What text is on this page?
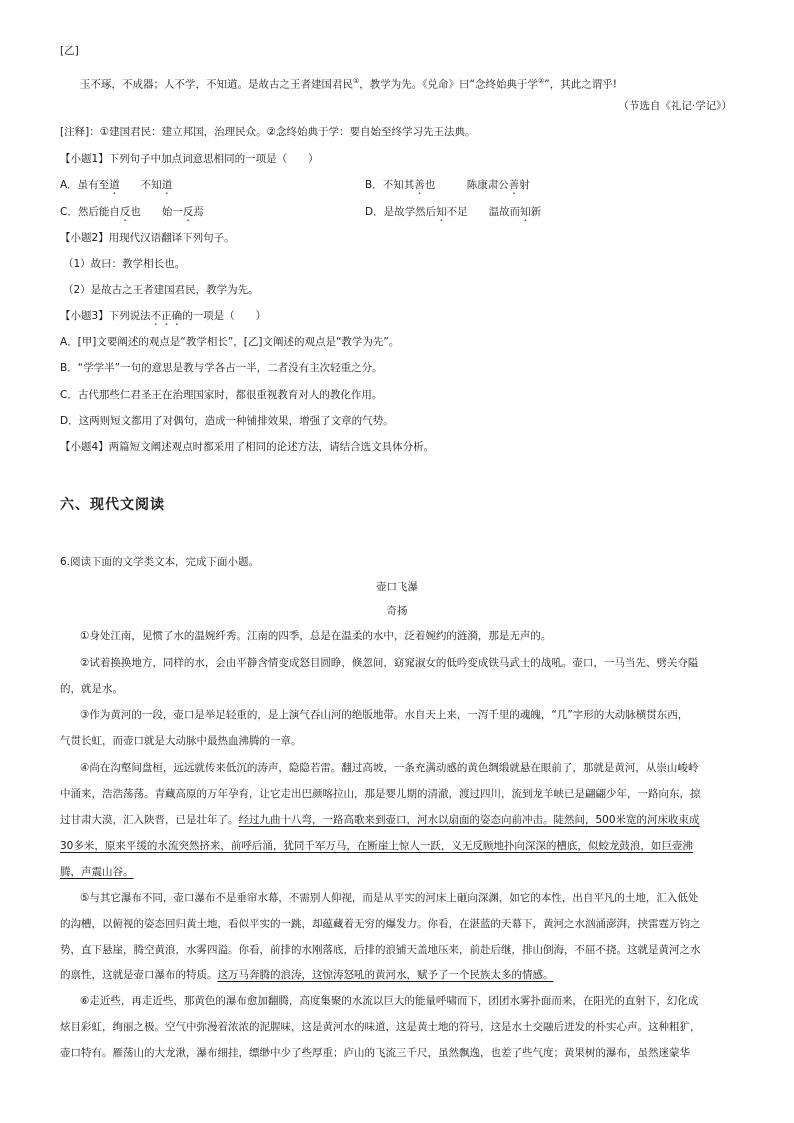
[乙]
玉不琢，不成器；人不学，不知道。是故古之王者建国君民①，教学为先。《兑命》曰“念终始典于学②”，其此之谓乎!
（节选自《礼记·学记》）
[注释]：①建国君民：建立邦国，治理民众。②念终始典于学：要自始至终学习先王法典。
【小题1】下列句子中加点词意思相同的一项是（　　）
A．虽有至道　　不知道	B．不知其善也　　　陈康肃公善射
C．然后能自反也　　始一反焉	D．是故学然后知不足　　温故而知新
【小题2】用现代汉语翻译下列句子。
（1）故曰：教学相长也。
（2）是故古之王者建国君民，教学为先。
【小题3】下列说法不正确的一项是（　　）
A．[甲]文要阐述的观点是“教学相长”，[乙]文阐述的观点是“教学为先”。
B．“学学半”一句的意思是教与学各占一半，二者没有主次轻重之分。
C．古代那些仁君圣王在治理国家时，都很重视教育对人的教化作用。
D．这两则短文都用了对偶句，造成一种铺排效果，增强了文章的气势。
【小题4】两篇短文阐述观点时都采用了相同的论述方法，请结合选文具体分析。
六、现代文阅读
6.阅读下面的文学类文本，完成下面小题。
壶口飞瀑
奇扬
①身处江南，见惯了水的温婉纤秀。江南的四季，总是在温柔的水中，泛着婉约的涟漪，那是无声的。
②试着换换地方，同样的水，会由平静含情变成怒目圆睁，倏忽间，窈窕淑女的低吟变成铁马武士的战吼。壶口，一马当先、劈关夺隘
的，就是水。
③作为黄河的一段，壶口是举足轻重的，是上演气吞山河的绝版地带。水自天上来，一泻千里的魂魄，“几”字形的大动脉横贯东西，
气贯长虹，而壶口就是大动脉中最热血沸腾的一章。
④尚在沟壑间盘桓，远远就传来低沉的涛声，隐隐若雷。翻过高坡，一条充满动感的黄色绸缎就悬在眼前了，那就是黄河，从崇山峻岭
中涌来，浩浩荡荡。青藏高原的万年孕育，让它走出巴颜喀拉山，那是婴儿期的清澈，渡过四川，流到龙羊峡已是翩翩少年，一路向东，掠
过甘肃大漠，汇入陕晋，已是壮年了。经过九曲十八弯，一路高歌来到壶口，河水以扇面的姿态向前冲击。陡然间，500米宽的河床收束成
30多米，原来平缓的水流突然挤来，前呼后涌，犹同千军万马，在断崖上惊人一跃，义无反顾地扑向深深的槽底，似蛟龙鼓浪，如巨壶沸
腾，声震山谷。
⑤与其它瀑布不同，壶口瀑布不是垂帘水幕，不需别人仰视，而是从平实的河床上砸向深渊，如它的本性，出自平凡的土地，汇入低处
的沟槽，以俯视的姿态回归黄土地，看似平实的一跳，却蕴藏着无穷的爆发力。你看，在湛蓝的天幕下，黄河之水汹涌澎湃，挟雷霆万钧之
势，直下悬崖，腾空黄浪，水雾四溢。你看，前排的水刚落底，后排的浪铺天盖地压来，前赴后继，排山倒海，不屈不挠。这就是黄河之水
的禀性，这就是壶口瀑布的特质。这万马奔腾的浪涛，这惊涛怒吼的黄河水，赋予了一个民族太多的情感。
⑥走近些，再走近些，那黄色的瀑布愈加翻腾，高度集聚的水流以巨大的能量呼啸而下，团团水雾扑面而来，在阳光的直射下，幻化成
炫目彩虹，绚丽之极。空气中弥漫着浓浓的泥腥味，这是黄河水的味道，这是黄土地的符号，这是水土交融后迸发的朴实心声。这种粗犷，
壶口特有。雁荡山的大龙湫，瀑布细挂，缥缈中少了些厚重；庐山的飞流三千尺，虽然飘逸，也差了些气度；黄果树的瀑布，虽然迷蒙华
